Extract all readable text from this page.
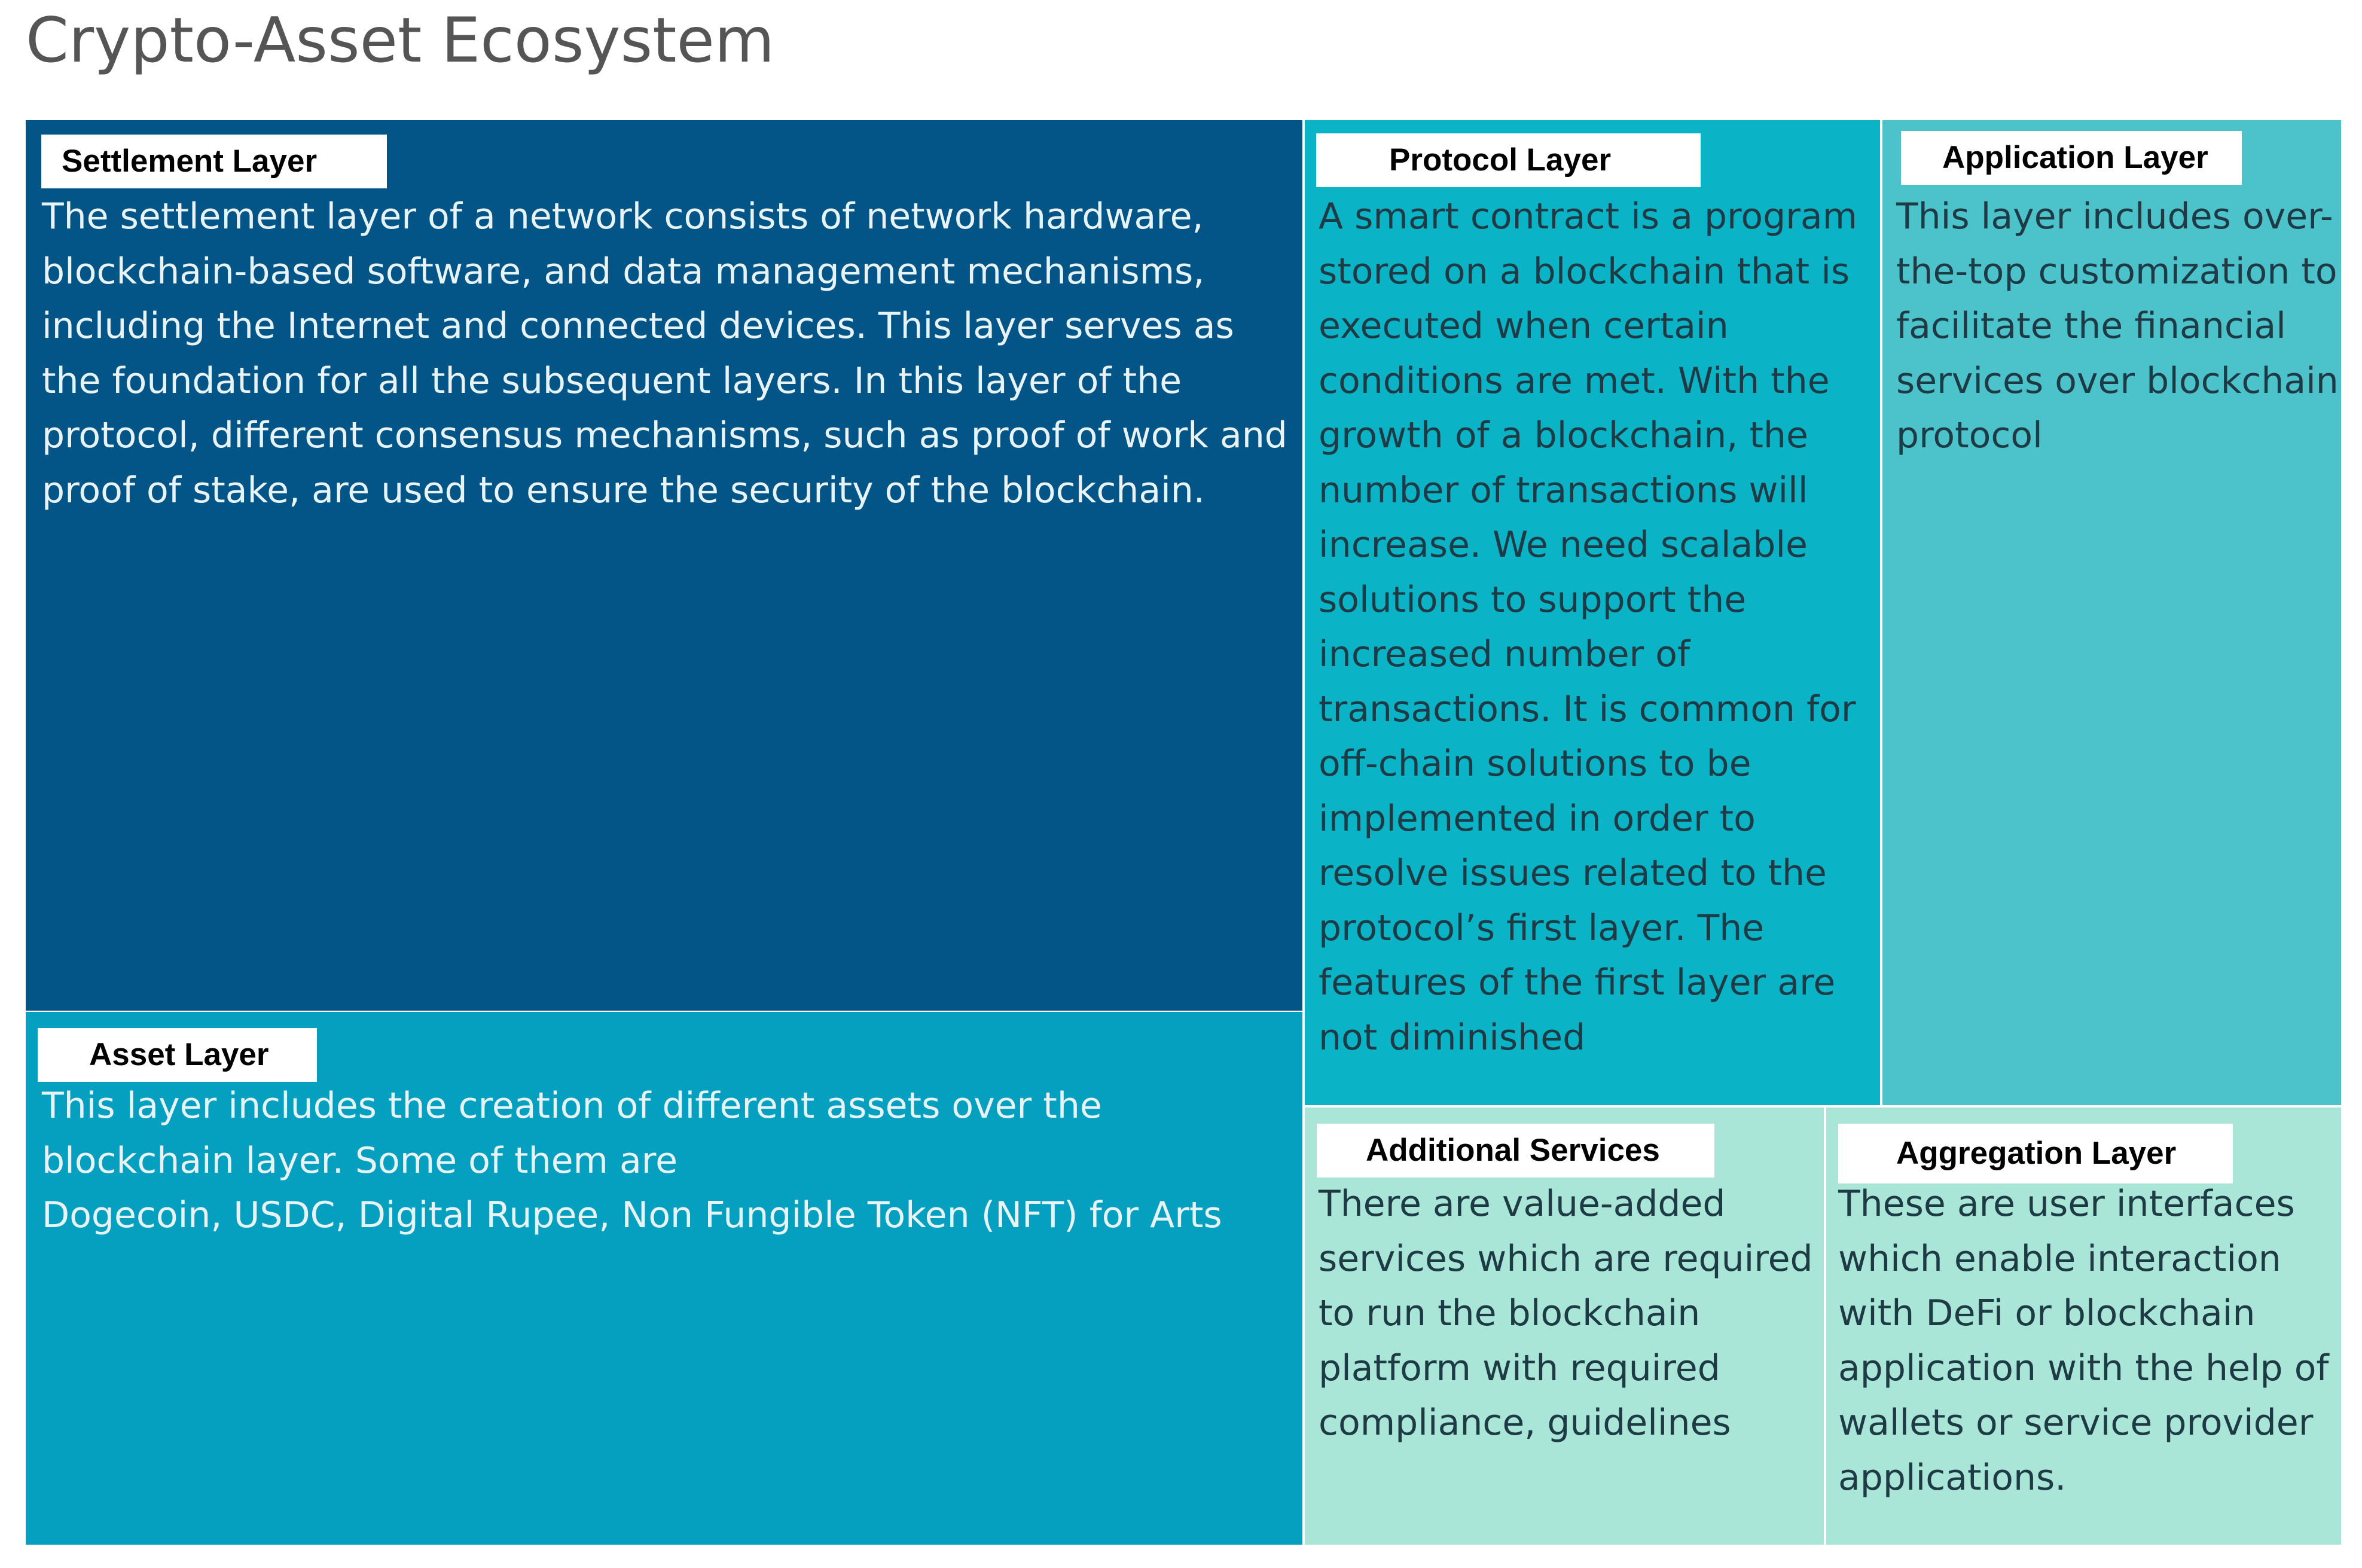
Crypto-Asset Ecosystem
Settlement Layer
The settlement layer of a network consists of network hardware, blockchain-based software, and data management mechanisms, including the Internet and connected devices. This layer serves as the foundation for all the subsequent layers. In this layer of the protocol, different consensus mechanisms, such as proof of work and proof of stake, are used to ensure the security of the blockchain.
Asset Layer
This layer includes the creation of different assets over the blockchain layer. Some of them are
Dogecoin, USDC, Digital Rupee, Non Fungible Token (NFT) for Arts
Protocol Layer
A smart contract is a program stored on a blockchain that is executed when certain conditions are met. With the growth of a blockchain, the number of transactions will increase. We need scalable solutions to support the increased number of transactions. It is common for off-chain solutions to be implemented in order to resolve issues related to the protocol’s first layer. The features of the first layer are not diminished
Application Layer
This layer includes over-the-top customization to facilitate the financial services over blockchain protocol
Additional Services
There are value-added services which are required to run the blockchain platform with required compliance, guidelines
Aggregation Layer
These are user interfaces which enable interaction with DeFi or blockchain application with the help of wallets or service provider applications.
